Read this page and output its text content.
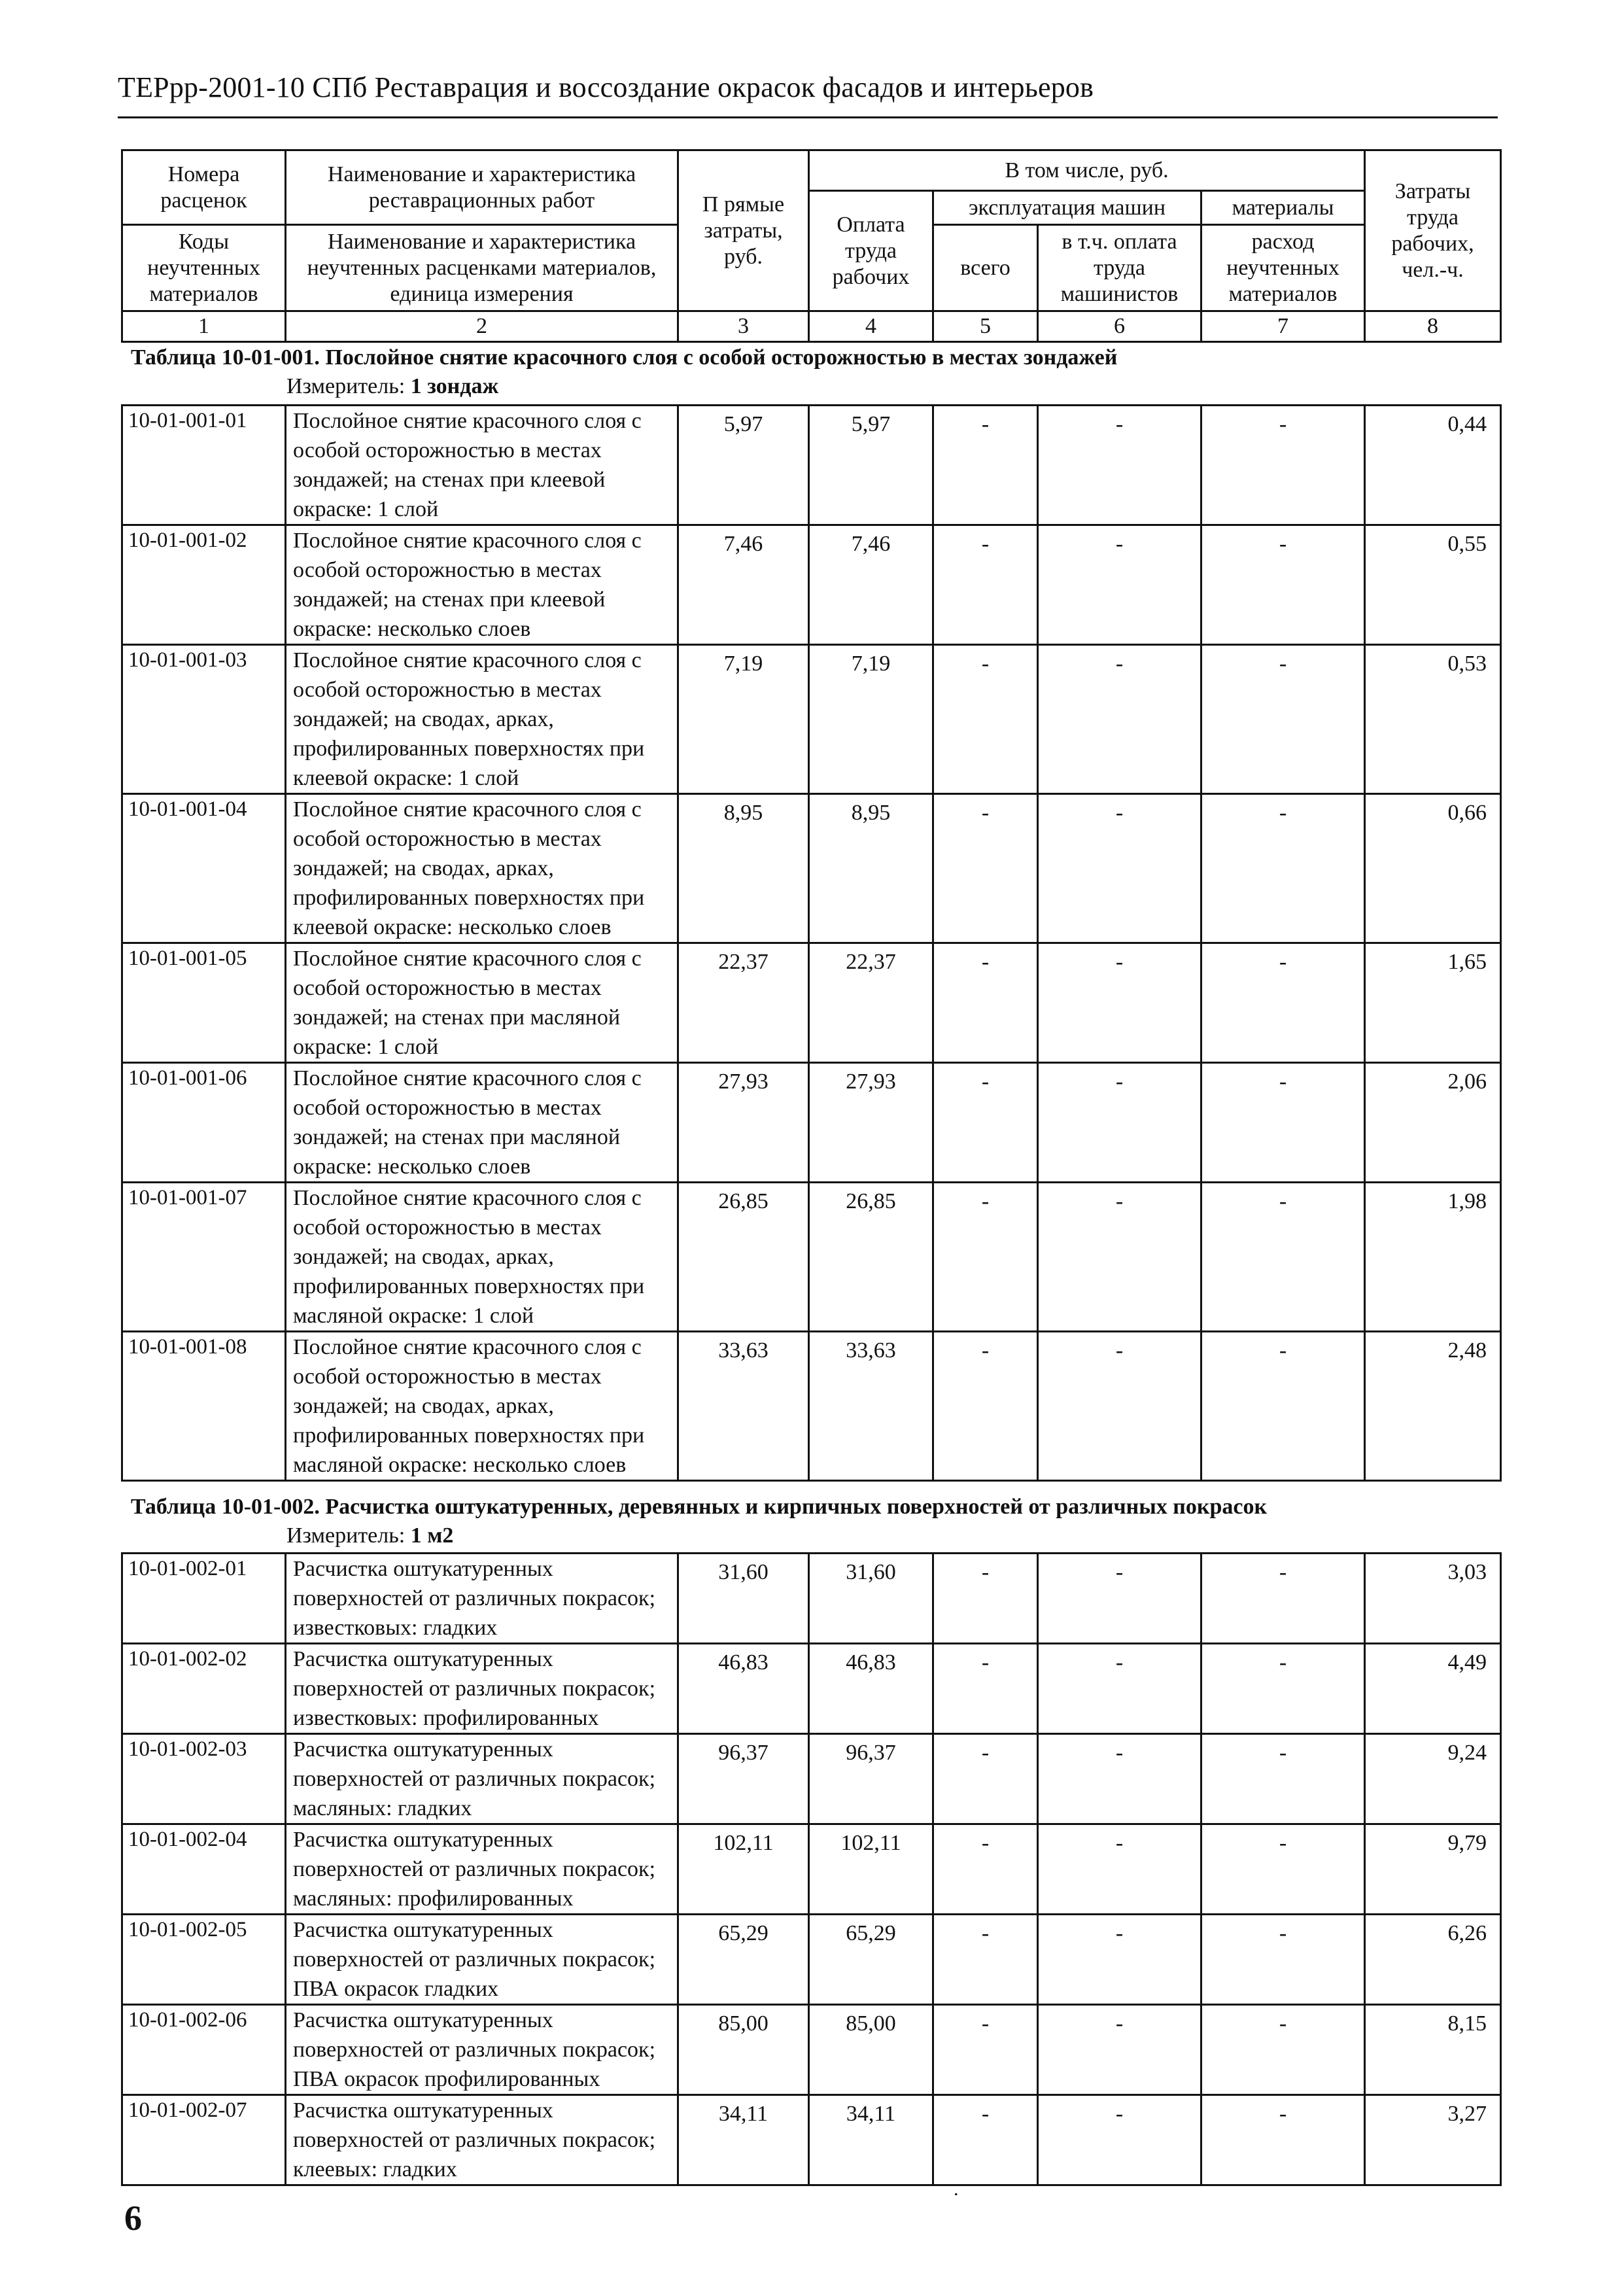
ТЕРрр-2001-10 СПб Реставрация и воссоздание окрасок фасадов и интерьеров
Номера расценок	Наименование и характеристика реставрационных работ	П рямые затраты, руб.	В том числе, руб.				Затраты труда рабочих, чел.-ч.
			Оплата труда рабочих	эксплуатация машин		материалы	
Коды неучтенных материалов	Наименование и характеристика неучтенных расценками материалов, единица измерения			всего	в т.ч. оплата труда машинистов	расход неучтенных материалов	

1	2	3	4	5	6	7	8
Таблица 10-01-001. Послойное снятие красочного слоя с особой осторожностью в местах зондажей
Измеритель: 1 зондаж
10-01-001-01	Послойное снятие красочного слоя с особой осторожностью в местах зондажей; на стенах при клеевой окраске: 1 слой	5,97	5,97	-	-	-	0,44
10-01-001-02	Послойное снятие красочного слоя с особой осторожностью в местах зондажей; на стенах при клеевой окраске: несколько слоев	7,46	7,46	-	-	-	0,55
10-01-001-03	Послойное снятие красочного слоя с особой осторожностью в местах зондажей; на сводах, арках, профилированных поверхностях при клеевой окраске: 1 слой	7,19	7,19	-	-	-	0,53
10-01-001-04	Послойное снятие красочного слоя с особой осторожностью в местах зондажей; на сводах, арках, профилированных поверхностях при клеевой окраске: несколько слоев	8,95	8,95	-	-	-	0,66
10-01-001-05	Послойное снятие красочного слоя с особой осторожностью в местах зондажей; на стенах при масляной окраске: 1 слой	22,37	22,37	-	-	-	1,65
10-01-001-06	Послойное снятие красочного слоя с особой осторожностью в местах зондажей; на стенах при масляной окраске: несколько слоев	27,93	27,93	-	-	-	2,06
10-01-001-07	Послойное снятие красочного слоя с особой осторожностью в местах зондажей; на сводах, арках, профилированных поверхностях при масляной окраске: 1 слой	26,85	26,85	-	-	-	1,98
10-01-001-08	Послойное снятие красочного слоя с особой осторожностью в местах зондажей; на сводах, арках, профилированных поверхностях при масляной окраске: несколько слоев	33,63	33,63	-	-	-	2,48
Таблица 10-01-002. Расчистка оштукатуренных, деревянных и кирпичных поверхностей от различных покрасок
Измеритель: 1 м2
10-01-002-01	Расчистка оштукатуренных поверхностей от различных покрасок; известковых: гладких	31,60	31,60	-	-	-	3,03
10-01-002-02	Расчистка оштукатуренных поверхностей от различных покрасок; известковых: профилированных	46,83	46,83	-	-	-	4,49
10-01-002-03	Расчистка оштукатуренных поверхностей от различных покрасок; масляных: гладких	96,37	96,37	-	-	-	9,24
10-01-002-04	Расчистка оштукатуренных поверхностей от различных покрасок; масляных: профилированных	102,11	102,11	-	-	-	9,79
10-01-002-05	Расчистка оштукатуренных поверхностей от различных покрасок; ПВА окрасок гладких	65,29	65,29	-	-	-	6,26
10-01-002-06	Расчистка оштукатуренных поверхностей от различных покрасок; ПВА окрасок профилированных	85,00	85,00	-	-	-	8,15
10-01-002-07	Расчистка оштукатуренных поверхностей от различных покрасок; клеевых: гладких	34,11	34,11	-	-	-	3,27
.
6
